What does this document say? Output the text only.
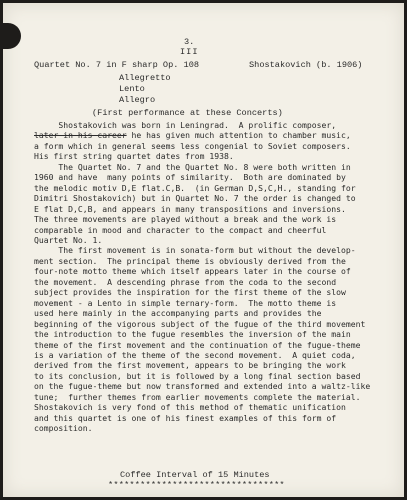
3.
III
Quartet No. 7 in F sharp Op. 108	Shostakovich (b. 1906)
Allegretto
Lento
Allegro
(First performance at these Concerts)
Shostakovich was born in Leningrad.  A prolific composer,
later in his career he has given much attention to chamber music,
a form which in general seems less congenial to Soviet composers.
His first string quartet dates from 1938.
The Quartet No. 7 and the Quartet No. 8 were both written in
1960 and have  many points of similarity.  Both are dominated by
the melodic motiv D,E flat.C,B.  (in German D,S,C,H., standing for
Dimitri Shostakovich) but in Quartet No. 7 the order is changed to
E flat D,C,B, and appears in many transpositions and inversions.
The three movements are played without a break and the work is
comparable in mood and character to the compact and cheerful
Quartet No. 1.
The first movement is in sonata-form but without the develop-
ment section.  The principal theme is obviously derived from the
four-note motto theme which itself appears later in the course of
the movement.  A descending phrase from the coda to the second
subject provides the inspiration for the first theme of the slow
movement - a Lento in simple ternary-form.  The motto theme is
used here mainly in the accompanying parts and provides the
beginning of the vigorous subject of the fugue of the third movement
the introduction to the fugue resembles the inversion of the main
theme of the first movement and the continuation of the fugue-theme
is a variation of the theme of the second movement.  A quiet coda,
derived from the first movement, appears to be bringing the work
to its conclusion, but it is followed by a long final section based
on the fugue-theme but now transformed and extended into a waltz-like
tune;  further themes from earlier movements complete the material.
Shostakovich is very fond of this method of thematic unification
and this quartet is one of his finest examples of this form of
composition.
Coffee Interval of 15 Minutes
*********************************
